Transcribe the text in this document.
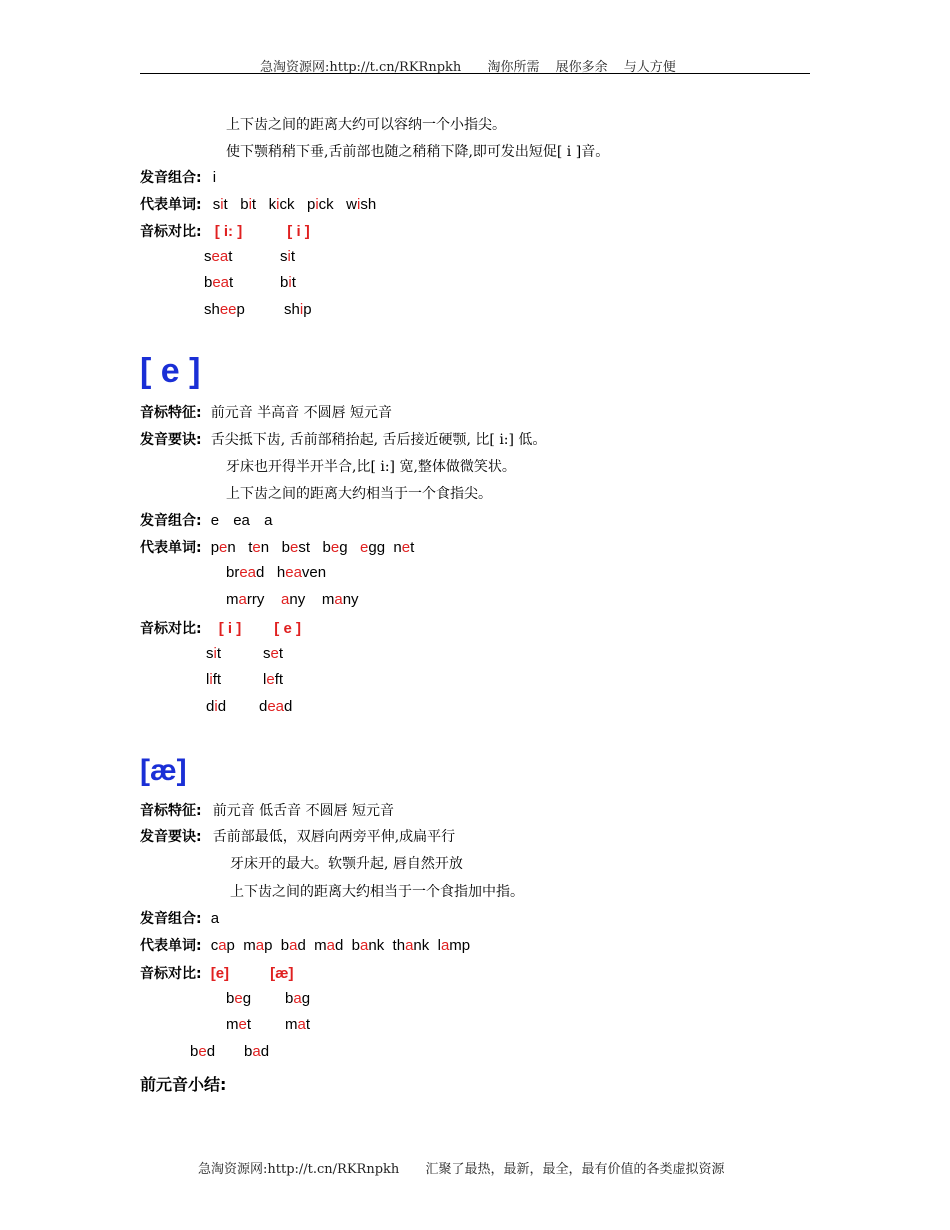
急淘资源网:http://t.cn/RKRnpkh 淘你所需 展你多余 与人方便
上下齿之间的距离大约可以容纳一个小指尖。
使下颚稍稍下垂,舌前部也随之稍稍下降,即可发出短促[ i ]音。
发音组合: i
代表单词: sit bit kick pick wish
音标对比: [ i: ]	[ i ]
seat	sit
beat	bit
sheep	ship
[ e ]
音标特征: 前元音 半高音 不圆唇 短元音
发音要诀: 舌尖抵下齿, 舌前部稍抬起, 舌后接近硬颚, 比[ i:] 低。
牙床也开得半开半合,比[ i:] 宽,整体做微笑状。
上下齿之间的距离大约相当于一个食指尖。
发音组合: e ea a
代表单词: pen ten best beg egg net
bread heaven
marry any many
音标对比: [ i ] [ e ]
sit	set
lift	left
did dead
[æ]
音标特征: 前元音 低舌音 不圆唇 短元音
发音要诀: 舌前部最低，双唇向两旁平伸,成扁平行
牙床开的最大。软颚升起, 唇自然开放
上下齿之间的距离大约相当于一个食指加中指。
发音组合: a
代表单词: cap map bad mad bank thank lamp
音标对比: [e]	[æ]
beg bag
met mat
bed bad
前元音小结:
急淘资源网:http://t.cn/RKRnpkh 汇聚了最热，最新，最全，最有价值的各类虚拟资源
